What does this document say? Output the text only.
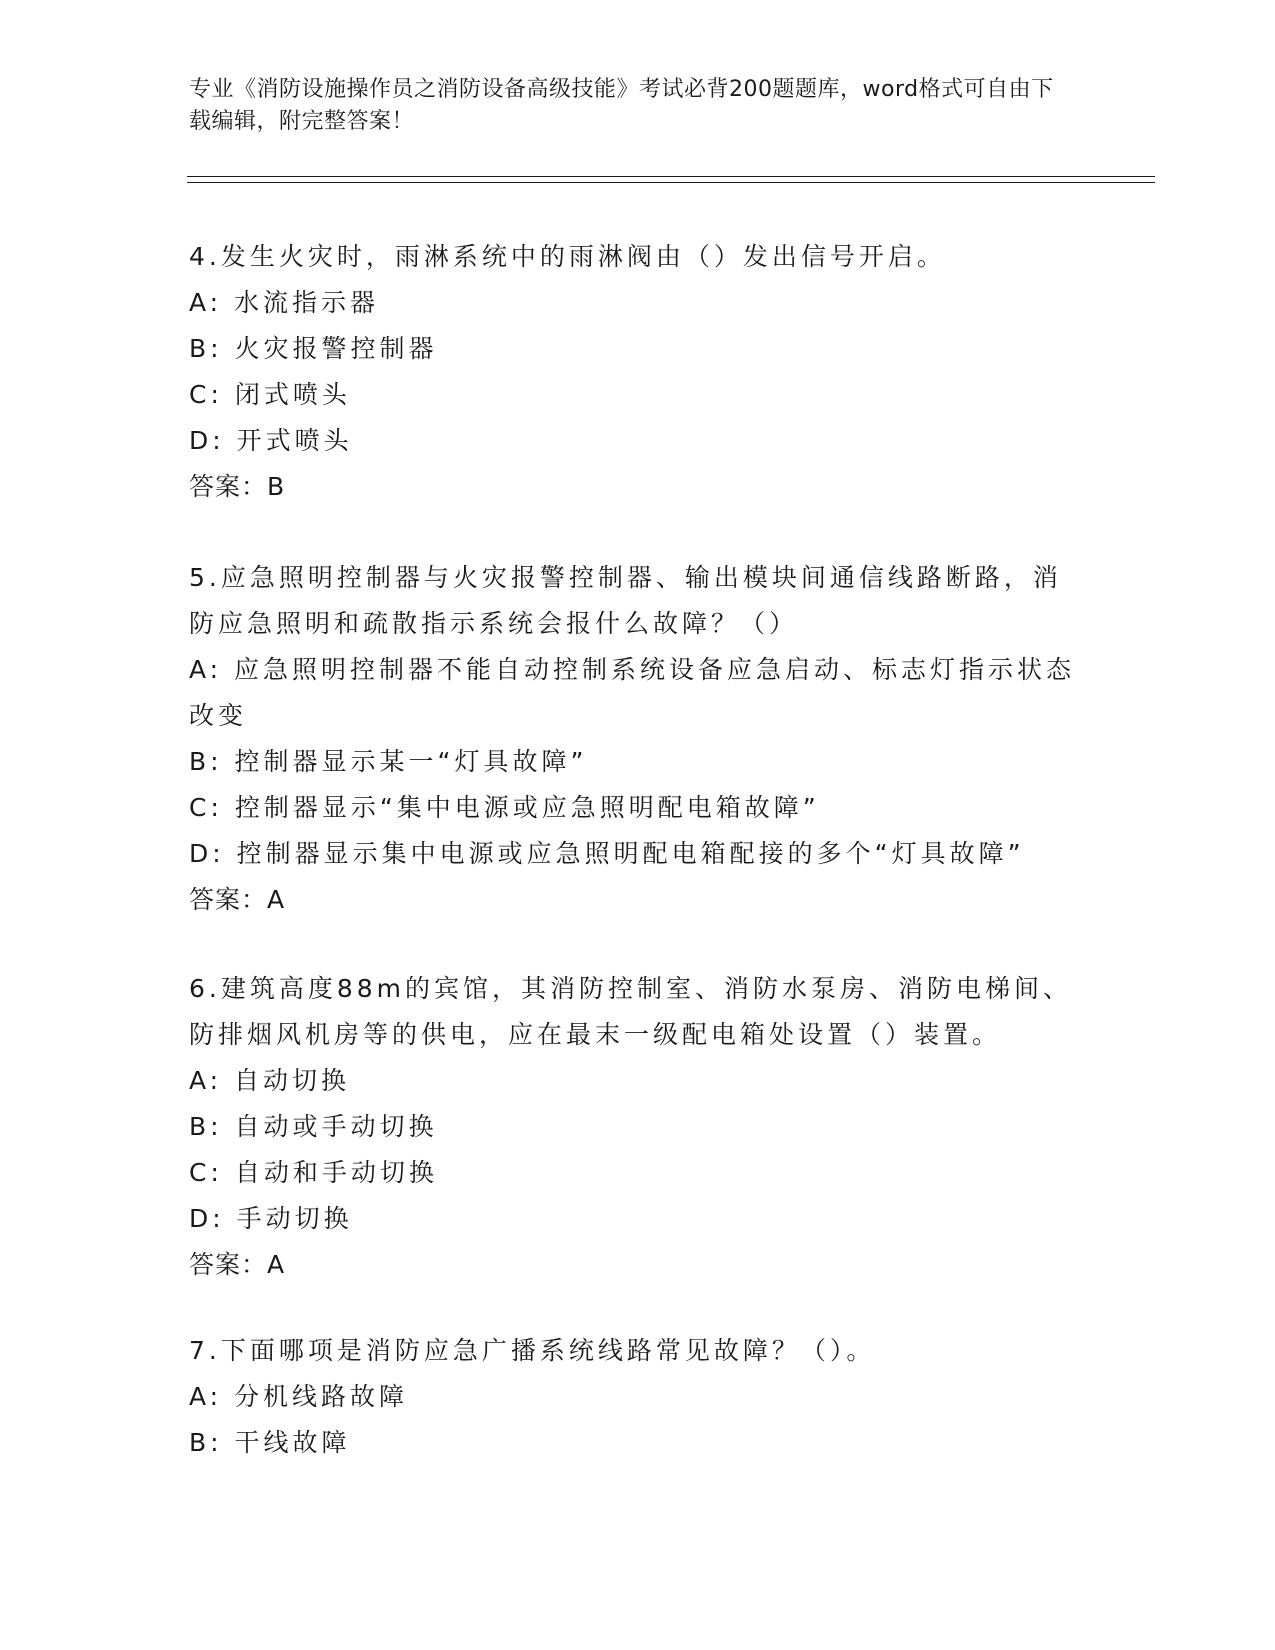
专业《消防设施操作员之消防设备高级技能》考试必背200题题库，word格式可自由下载编辑，附完整答案！
4.发生火灾时，雨淋系统中的雨淋阀由（）发出信号开启。
A: 水流指示器
B: 火灾报警控制器
C: 闭式喷头
D: 开式喷头
答案：B
5.应急照明控制器与火灾报警控制器、输出模块间通信线路断路，消防应急照明和疏散指示系统会报什么故障？（）
A: 应急照明控制器不能自动控制系统设备应急启动、标志灯指示状态改变
B: 控制器显示某一“灯具故障”
C: 控制器显示“集中电源或应急照明配电箱故障”
D: 控制器显示集中电源或应急照明配电箱配接的多个“灯具故障”
答案：A
6.建筑高度88m的宾馆，其消防控制室、消防水泵房、消防电梯间、防排烟风机房等的供电，应在最末一级配电箱处设置（）装置。
A: 自动切换
B: 自动或手动切换
C: 自动和手动切换
D: 手动切换
答案：A
7.下面哪项是消防应急广播系统线路常见故障？（）。
A: 分机线路故障
B: 干线故障
